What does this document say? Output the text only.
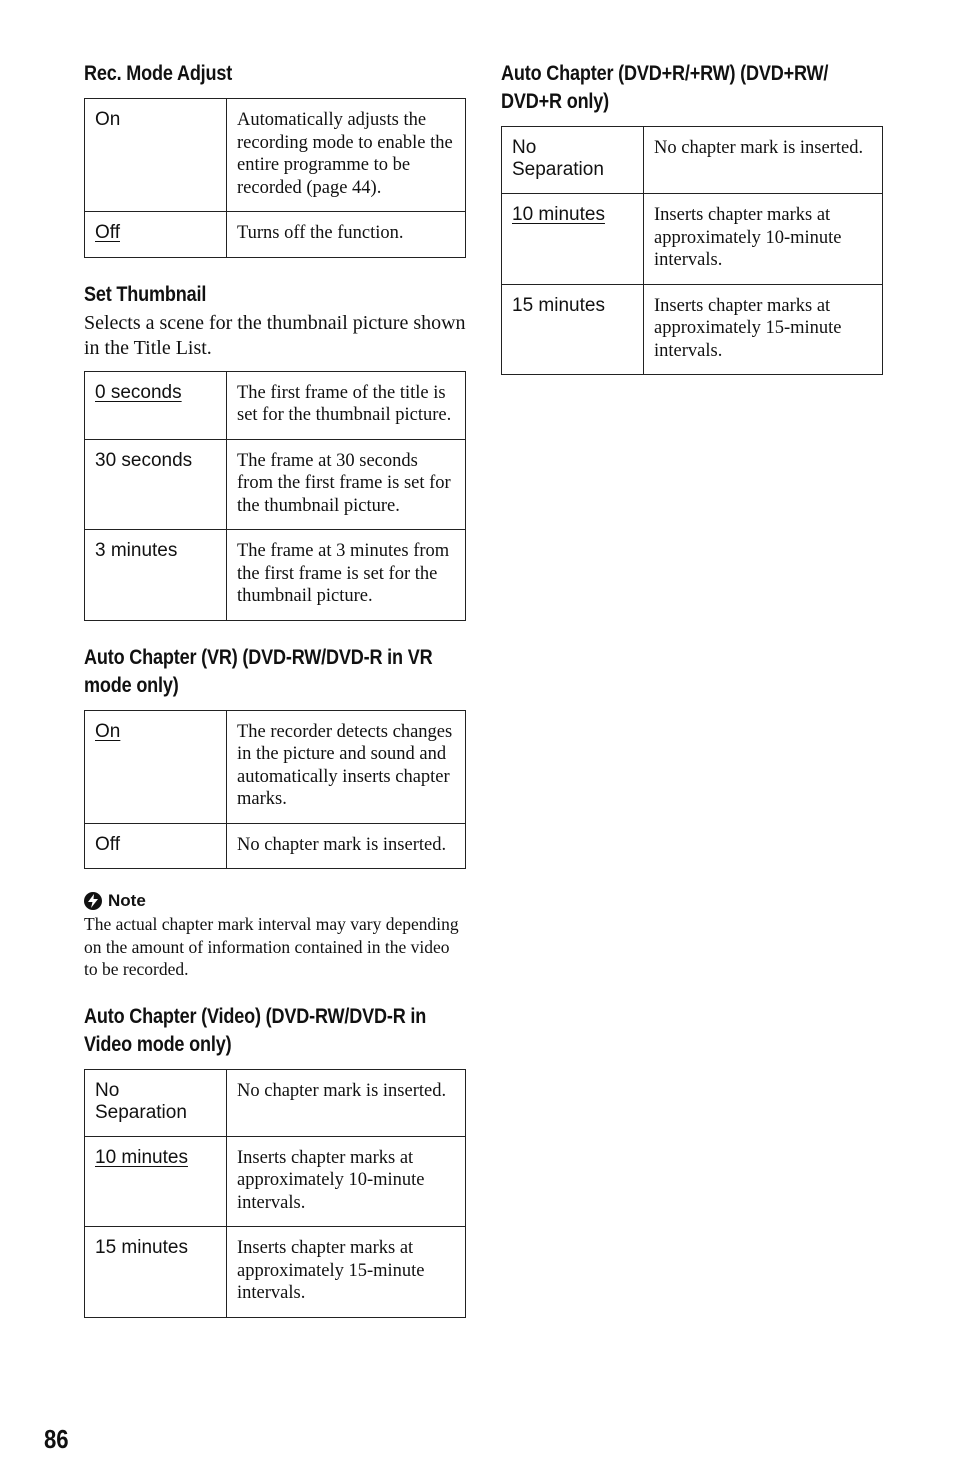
Rec. Mode Adjust
On	Automatically adjusts the recording mode to enable the entire programme to be recorded (page 44).
Off	Turns off the function.
Set Thumbnail

Selects a scene for the thumbnail picture shown in the Title List.

0 seconds	The first frame of the title is set for the thumbnail picture.
30 seconds	The frame at 30 seconds from the first frame is set for the thumbnail picture.
3 minutes	The frame at 3 minutes from the first frame is set for the thumbnail picture.
Auto Chapter (VR) (DVD-RW/DVD-R in VR mode only)
On	The recorder detects changes in the picture and sound and automatically inserts chapter marks.
Off	No chapter mark is inserted.
Note

The actual chapter mark interval may vary depending on the amount of information contained in the video to be recorded.

Auto Chapter (Video) (DVD-RW/DVD-R in Video mode only)
No Separation	No chapter mark is inserted.
10 minutes	Inserts chapter marks at approximately 10-minute intervals.
15 minutes	Inserts chapter marks at approximately 15-minute intervals.
Auto Chapter (DVD+R/+RW) (DVD+RW/ DVD+R only)
No Separation	No chapter mark is inserted.
10 minutes	Inserts chapter marks at approximately 10-minute intervals.
15 minutes	Inserts chapter marks at approximately 15-minute intervals.
86
